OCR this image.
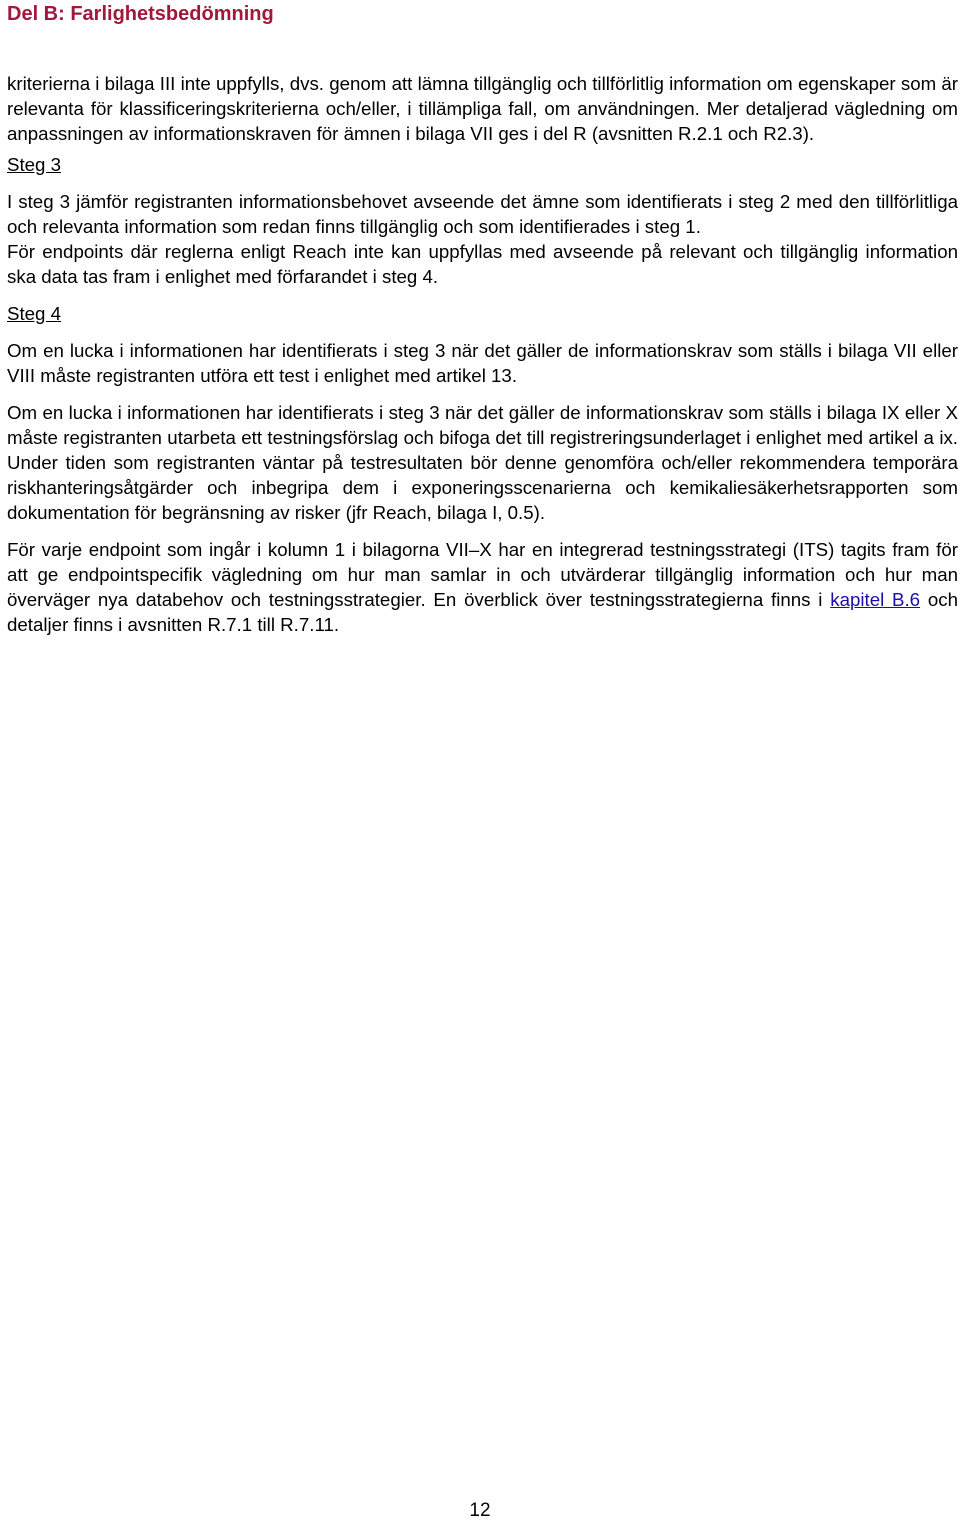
Del B: Farlighetsbedömning

kriterierna i bilaga III inte uppfylls, dvs. genom att lämna tillgänglig och tillförlitlig information om egenskaper som är relevanta för klassificeringskriterierna och/eller, i tillämpliga fall, om användningen. Mer detaljerad vägledning om anpassningen av informationskraven för ämnen i bilaga VII ges i del R (avsnitten R.2.1 och R2.3).

Steg 3

I steg 3 jämför registranten informationsbehovet avseende det ämne som identifierats i steg 2 med den tillförlitliga och relevanta information som redan finns tillgänglig och som identifierades i steg 1.

För endpoints där reglerna enligt Reach inte kan uppfyllas med avseende på relevant och tillgänglig information ska data tas fram i enlighet med förfarandet i steg 4.

Steg 4

Om en lucka i informationen har identifierats i steg 3 när det gäller de informationskrav som ställs i bilaga VII eller VIII måste registranten utföra ett test i enlighet med artikel 13.

Om en lucka i informationen har identifierats i steg 3 när det gäller de informationskrav som ställs i bilaga IX eller X måste registranten utarbeta ett testningsförslag och bifoga det till registreringsunderlaget i enlighet med artikel a ix. Under tiden som registranten väntar på testresultaten bör denne genomföra och/eller rekommendera temporära riskhanteringsåtgärder och inbegripa dem i exponeringsscenarierna och kemikaliesäkerhetsrapporten som dokumentation för begränsning av risker (jfr Reach, bilaga I, 0.5).

För varje endpoint som ingår i kolumn 1 i bilagorna VII–X har en integrerad testningsstrategi (ITS) tagits fram för att ge endpointspecifik vägledning om hur man samlar in och utvärderar tillgänglig information och hur man överväger nya databehov och testningsstrategier. En överblick över testningsstrategierna finns i kapitel B.6 och detaljer finns i avsnitten R.7.1 till R.7.11.

12
